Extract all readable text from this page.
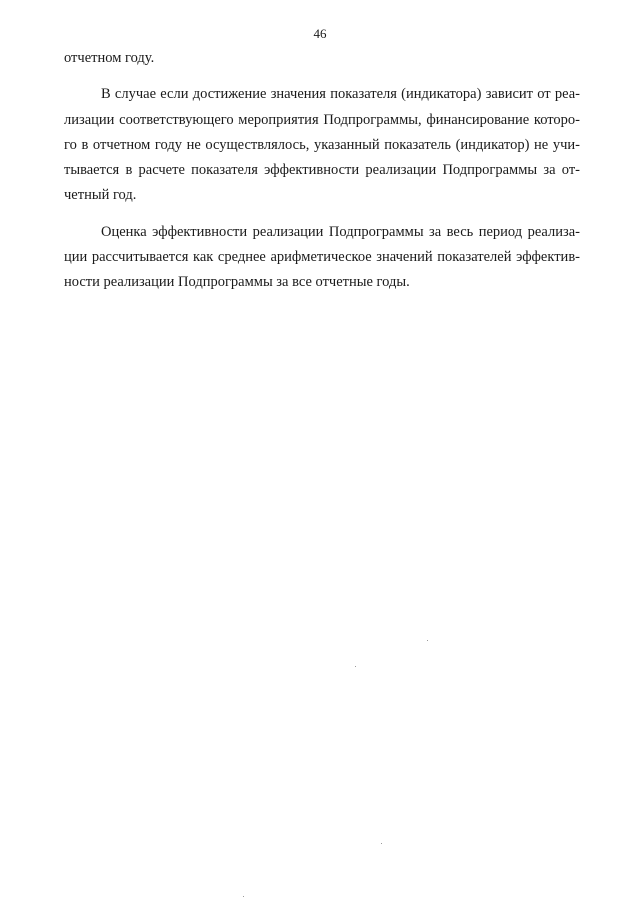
46
отчетном году.
В случае если достижение значения показателя (индикатора) зависит от реа-
лизации соответствующего мероприятия Подпрограммы, финансирование которо-
го в отчетном году не осуществлялось, указанный показатель (индикатор) не учи-
тывается в расчете показателя эффективности реализации Подпрограммы за от-
четный год.
Оценка эффективности реализации Подпрограммы за весь период реализа-
ции рассчитывается как среднее арифметическое значений показателей эффектив-
ности реализации Подпрограммы за все отчетные годы.
